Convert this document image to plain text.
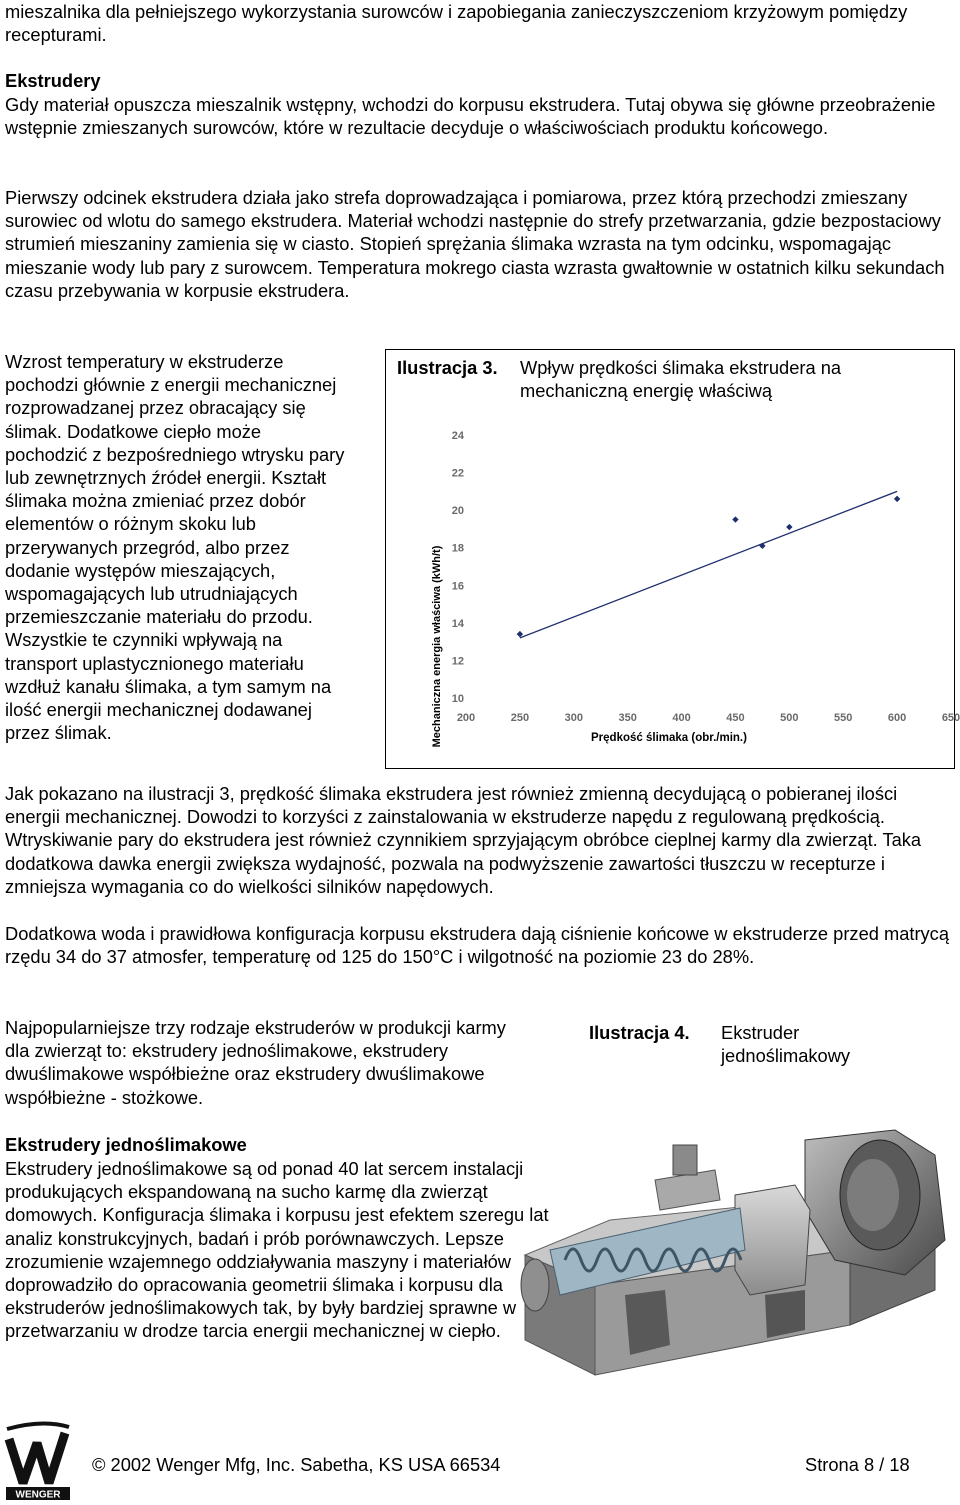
mieszalnika dla pełniejszego wykorzystania surowców i zapobiegania zanieczyszczeniom krzyżowym pomiędzy recepturami.

Ekstrudery

Gdy materiał opuszcza mieszalnik wstępny, wchodzi do korpusu ekstrudera. Tutaj obywa się główne przeobrażenie wstępnie zmieszanych surowców, które w rezultacie decyduje o właściwościach produktu końcowego.

Pierwszy odcinek ekstrudera działa jako strefa doprowadzająca i pomiarowa, przez którą przechodzi zmieszany surowiec od wlotu do samego ekstrudera. Materiał wchodzi następnie do strefy przetwarzania, gdzie bezpostaciowy strumień mieszaniny zamienia się w ciasto. Stopień sprężania ślimaka wzrasta na tym odcinku, wspomagając mieszanie wody lub pary z surowcem. Temperatura mokrego ciasta wzrasta gwałtownie w ostatnich kilku sekundach czasu przebywania w korpusie ekstrudera.

Wzrost temperatury w ekstruderze pochodzi głównie z energii mechanicznej rozprowadzanej przez obracający się ślimak. Dodatkowe ciepło może pochodzić z bezpośredniego wtrysku pary lub zewnętrznych źródeł energii. Kształt ślimaka można zmieniać przez dobór elementów o różnym skoku lub przerywanych przegród, albo przez dodanie występów mieszających, wspomagających lub utrudniających przemieszczanie materiału do przodu. Wszystkie te czynniki wpływają na transport uplastycznionego materiału wzdłuż kanału ślimaka, a tym samym na ilość energii mechanicznej dodawanej przez ślimak.

10
12
14
16
18
20
22
24
200	250	300	350	400	450	500	550	600	650
Mechaniczna energia właściwa (kWh/t)	Prędkość ślimaka (obr./min.)
Ilustracja 3. Wpływ prędkości ślimaka ekstrudera na mechaniczną energię właściwą

Jak pokazano na ilustracji 3, prędkość ślimaka ekstrudera jest również zmienną decydującą o pobieranej ilości energii mechanicznej. Dowodzi to korzyści z zainstalowania w ekstruderze napędu z regulowaną prędkością. Wtryskiwanie pary do ekstrudera jest również czynnikiem sprzyjającym obróbce cieplnej karmy dla zwierząt. Taka dodatkowa dawka energii zwiększa wydajność, pozwala na podwyższenie zawartości tłuszczu w recepturze i zmniejsza wymagania co do wielkości silników napędowych.

Dodatkowa woda i prawidłowa konfiguracja korpusu ekstrudera dają ciśnienie końcowe w ekstruderze przed matrycą rzędu 34 do 37 atmosfer, temperaturę od 125 do 150°C i wilgotność na poziomie 23 do 28%.

Najpopularniejsze trzy rodzaje ekstruderów w produkcji karmy dla zwierząt to: ekstrudery jednoślimakowe, ekstrudery dwuślimakowe współbieżne oraz ekstrudery dwuślimakowe współbieżne - stożkowe.

Ilustracja 4. Ekstruder jednoślimakowy

Ekstrudery jednoślimakowe

Ekstrudery jednoślimakowe są od ponad 40 lat sercem instalacji produkujących ekspandowaną na sucho karmę dla zwierząt domowych. Konfiguracja ślimaka i korpusu jest efektem szeregu lat analiz konstrukcyjnych, badań i prób porównawczych. Lepsze zrozumienie wzajemnego oddziaływania maszyny i materiałów doprowadziło do opracowania geometrii ślimaka i korpusu dla ekstruderów jednoślimakowych tak, by były bardziej sprawne w przetwarzaniu w drodze tarcia energii mechanicznej w ciepło.

WENGER
© 2002 Wenger Mfg, Inc. Sabetha, KS USA 66534	Strona 8 / 18
